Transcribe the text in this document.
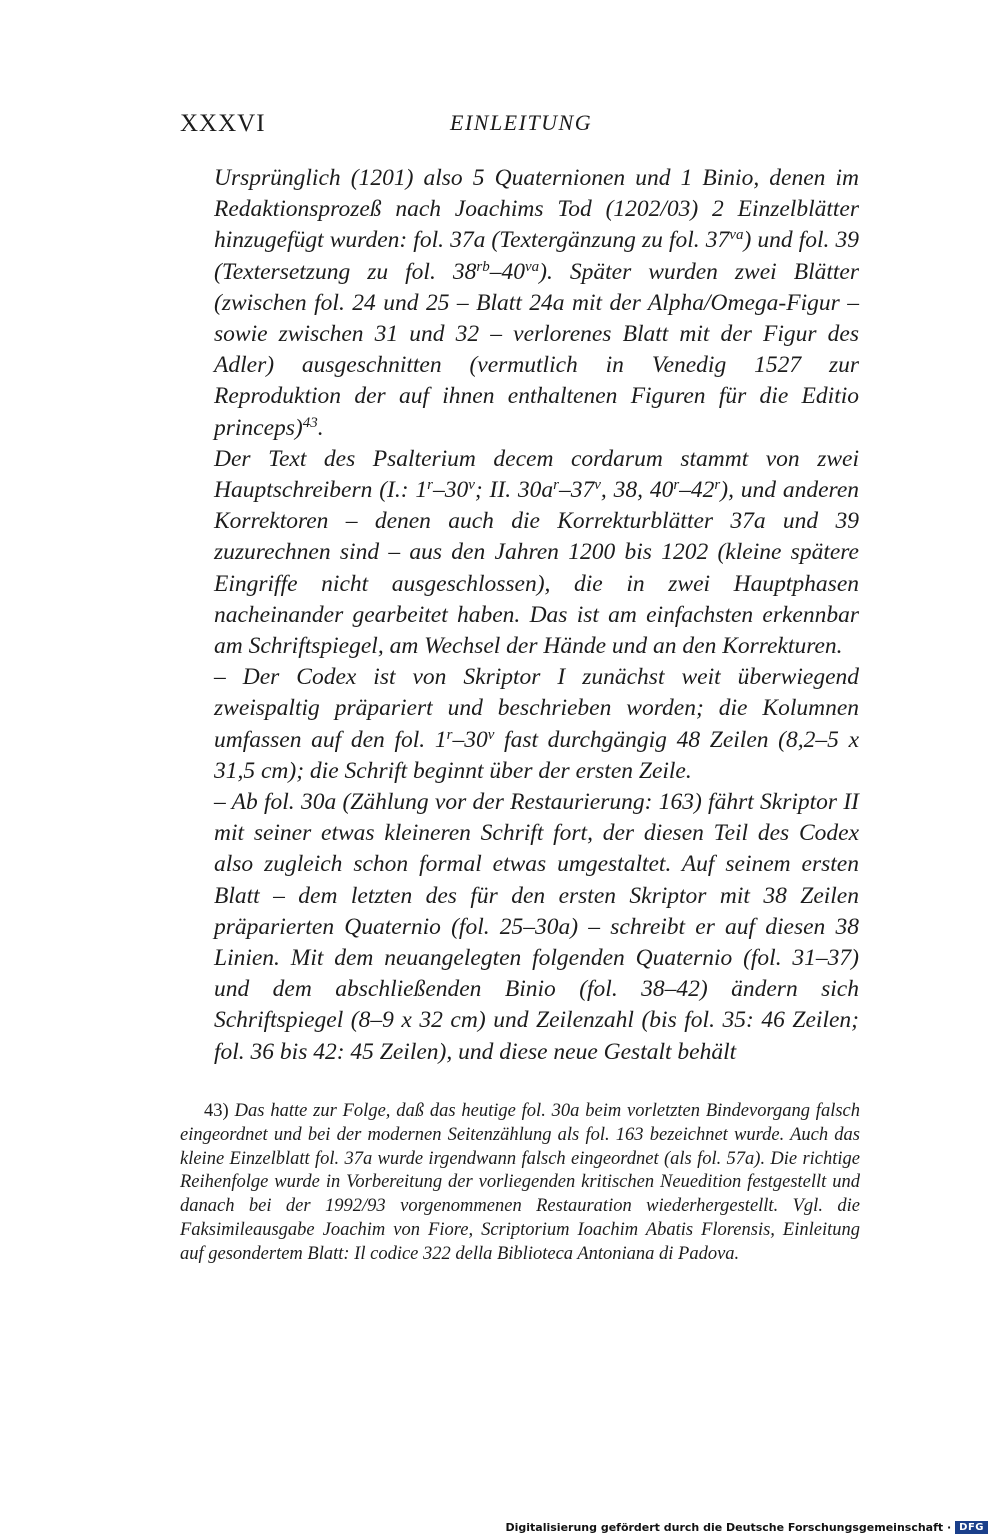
XXXVI	EINLEITUNG

Ursprünglich (1201) also 5 Quaternionen und 1 Binio, denen im Redaktionsprozeß nach Joachims Tod (1202/03) 2 Einzelblätter hinzugefügt wurden: fol. 37a (Textergänzung zu fol. $37^{va}$) und fol. 39 (Textersetzung zu fol. $38^{rb}-40^{va}$). Später wurden zwei Blätter (zwischen fol. 24 und 25 – Blatt 24a mit der Alpha/Omega-Figur – sowie zwischen 31 und 32 – verlorenes Blatt mit der Figur des Adler) ausgeschnitten (vermutlich in Venedig 1527 zur Reproduktion der auf ihnen enthaltenen Figuren für die Editio princeps)$^{43}$.

Der Text des Psalterium decem cordarum stammt von zwei Hauptschreibern (I.: 1$^r$–30$^v$; II. $30a^r-37^v$, 38, 40$^r$–42$^r$), und anderen Korrektoren – denen auch die Korrekturblätter 37a und 39 zuzurechnen sind – aus den Jahren 1200 bis 1202 (kleine spätere Eingriffe nicht ausgeschlossen), die in zwei Hauptphasen nacheinander gearbeitet haben. Das ist am einfachsten erkennbar am Schriftspiegel, am Wechsel der Hände und an den Korrekturen.

– Der Codex ist von Skriptor I zunächst weit überwiegend zweispaltig präpariert und beschrieben worden; die Kolumnen umfassen auf den fol. 1$^r$–30$^v$ fast durchgängig 48 Zeilen (8,2–5 x 31,5 cm); die Schrift beginnt über der ersten Zeile.

– Ab fol. 30a (Zählung vor der Restaurierung: 163) fährt Skriptor II mit seiner etwas kleineren Schrift fort, der diesen Teil des Codex also zugleich schon formal etwas umgestaltet. Auf seinem ersten Blatt – dem letzten des für den ersten Skriptor mit 38 Zeilen präparierten Quaternio (fol. 25–30a) – schreibt er auf diesen 38 Linien. Mit dem neuangelegten folgenden Quaternio (fol. 31–37) und dem abschließenden Binio (fol. 38–42) ändern sich Schriftspiegel (8–9 x 32 cm) und Zeilenzahl (bis fol. 35: 46 Zeilen; fol. 36 bis 42: 45 Zeilen), und diese neue Gestalt behält

43) Das hatte zur Folge, daß das heutige fol. 30a beim vorletzten Bindevorgang falsch eingeordnet und bei der modernen Seitenzählung als fol. 163 bezeichnet wurde. Auch das kleine Einzelblatt fol. 37a wurde irgendwann falsch eingeordnet (als fol. 57a). Die richtige Reihenfolge wurde in Vorbereitung der vorliegenden kritischen Neuedition festgestellt und danach bei der 1992/93 vorgenommenen Restauration wiederhergestellt. Vgl. die Faksimileausgabe Joachim von Fiore, Scriptorium Ioachim Abatis Florensis, Einleitung auf gesondertem Blatt: Il codice 322 della Biblioteca Antoniana di Padova.

Digitalisierung gefördert durch die Deutsche Forschungsgemeinschaft · DFG
